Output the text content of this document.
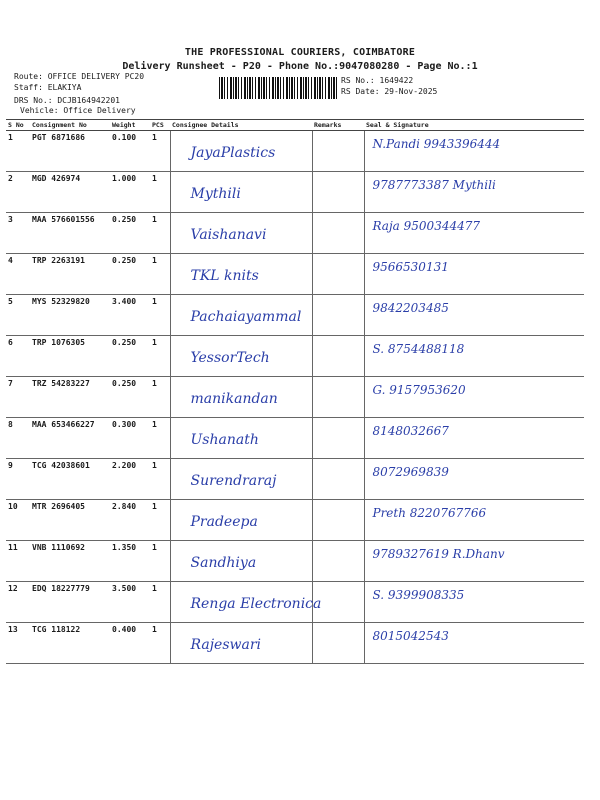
THE PROFESSIONAL COURIERS, COIMBATORE
Delivery Runsheet - P20 - Phone No.:9047080280 - Page No.:1
Route: OFFICE DELIVERY PC20
Staff: ELAKIYA
DRS No.: DCJB164942201
Vehicle: Office Delivery
RS No.: 1649422
RS Date: 29-Nov-2025
S No	Consignment No	Weight	PCS	Consignee Details	Remarks	Seal & Signature
1	PGT 6871686	0.100	1	JayaPlastics		N.Pandi 9943396444

2	MGD 426974	1.000	1	Mythili		9787773387 Mythili

3	MAA 576601556	0.250	1	Vaishanavi		Raja 9500344477

4	TRP 2263191	0.250	1	TKL knits		9566530131

5	MYS 52329820	3.400	1	Pachaiayammal		9842203485

6	TRP 1076305	0.250	1	YessorTech		S. 8754488118

7	TRZ 54283227	0.250	1	manikandan		G. 9157953620

8	MAA 653466227	0.300	1	Ushanath		8148032667

9	TCG 42038601	2.200	1	Surendraraj		8072969839

10	MTR 2696405	2.840	1	Pradeepa		Preth 8220767766

11	VNB 1110692	1.350	1	Sandhiya		9789327619 R.Dhanv

12	EDQ 18227779	3.500	1	Renga Electronica		S. 9399908335

13	TCG 118122	0.400	1	Rajeswari		8015042543
